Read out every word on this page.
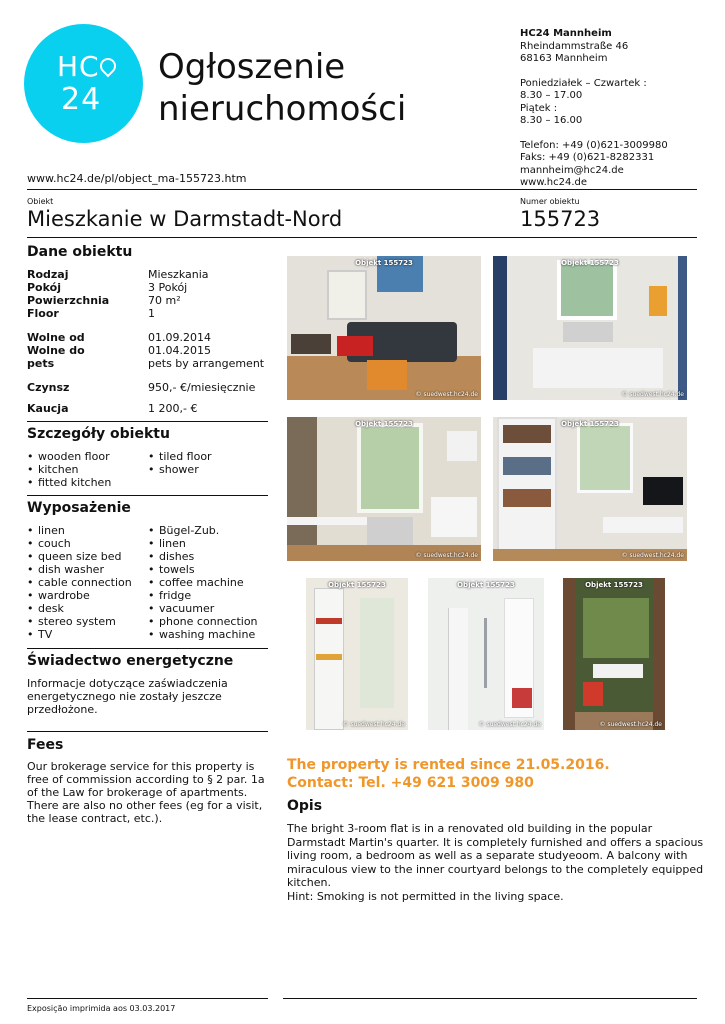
HC
24
Ogłoszenie
nieruchomości
HC24 Mannheim
Rheindammstraße 46
68163 Mannheim
Poniedziałek – Czwartek :
8.30 – 17.00
Piątek :
8.30 – 16.00
Telefon: +49 (0)621-3009980
Faks: +49 (0)621-8282331
mannheim@hc24.de
www.hc24.de
www.hc24.de/pl/object_ma-155723.htm
Obiekt
Mieszkanie w Darmstadt-Nord
Numer obiektu
155723
Dane obiektu
Rodzaj	Mieszkania
Pokój	3 Pokój
Powierzchnia	70 m²
Floor	1
Wolne od	01.09.2014
Wolne do	01.04.2015
pets	pets by arrangement
Czynsz	950,- €/miesięcznie
Kaucja	1 200,- €
Szczegóły obiektu
• wooden floor
• kitchen
• fitted kitchen
• tiled floor
• shower
Wyposażenie
• linen
• couch
• queen size bed
• dish washer
• cable connection
• wardrobe
• desk
• stereo system
• TV
• Bügel-Zub.
• linen
• dishes
• towels
• coffee machine
• fridge
• vacuumer
• phone connection
• washing machine
Świadectwo energetyczne
Informacje dotyczące zaświadczenia energetycznego nie zostały jeszcze przedłożone.
Fees
Our brokerage service for this property is free of commission according to § 2 par. 1a of the Law for brokerage of apartments. There are also no other fees (eg for a visit, the lease contract, etc.).
Objekt 155723
© suedwest.hc24.de
Objekt 155723
© suedwest.hc24.de
Objekt 155723
© suedwest.hc24.de
Objekt 155723
© suedwest.hc24.de
Objekt 155723
© suedwest.hc24.de
Objekt 155723
© suedwest.hc24.de
Objekt 155723
© suedwest.hc24.de
The property is rented since 21.05.2016.
Contact: Tel. +49 621 3009 980
Opis
The bright 3-room flat is in a renovated old building in the popular Darmstadt Martin's quarter. It is completely furnished and offers a spacious living room, a bedroom as well as a separate studyeoom. A balcony with miraculous view to the inner courtyard belongs to the completely equipped kitchen.
Hint: Smoking is not permitted in the living space.
Exposição imprimida aos 03.03.2017
